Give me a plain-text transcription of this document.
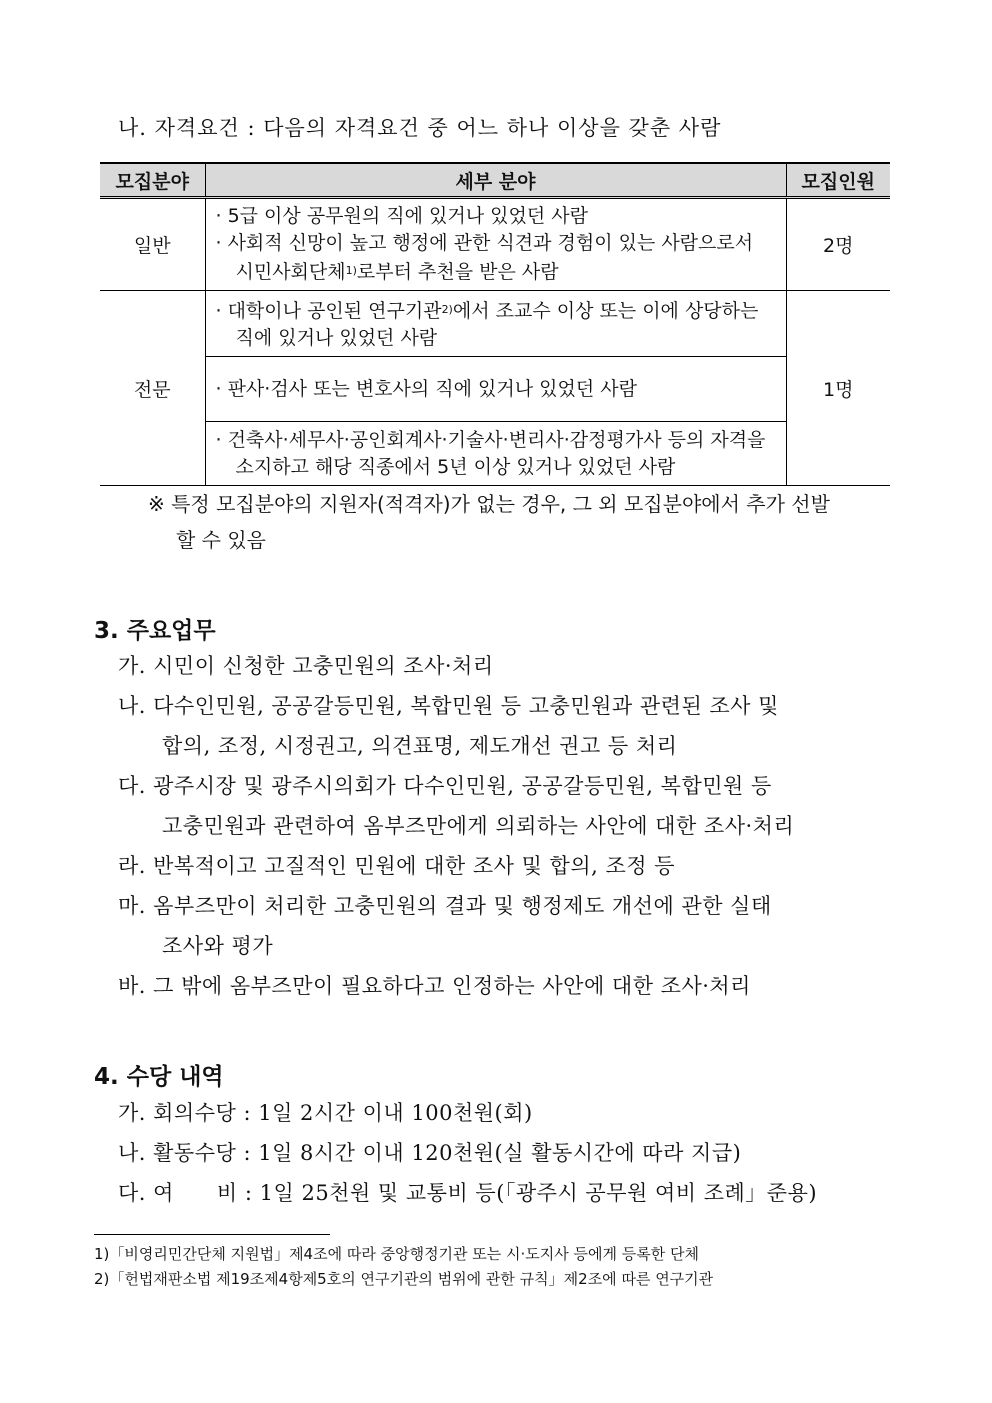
나. 자격요건 : 다음의 자격요건 중 어느 하나 이상을 갖춘 사람
모집분야	세부 분야	모집인원
일반	· 5급 이상 공무원의 직에 있거나 있었던 사람
· 사회적 신망이 높고 행정에 관한 식견과 경험이 있는 사람으로서
시민사회단체$^{1)}$로부터 추천을 받은 사람	2명
전문	· 대학이나 공인된 연구기관$^{2)}$에서 조교수 이상 또는 이에 상당하는
직에 있거나 있었던 사람	1명

	· 판사·검사 또는 변호사의 직에 있거나 있었던 사람	

	· 건축사·세무사·공인회계사·기술사·변리사·감정평가사 등의 자격을
소지하고 해당 직종에서 5년 이상 있거나 있었던 사람	
※ 특정 모집분야의 지원자(적격자)가 없는 경우, 그 외 모집분야에서 추가 선발
할 수 있음
3. 주요업무
가. 시민이 신청한 고충민원의 조사·처리
나. 다수인민원, 공공갈등민원, 복합민원 등 고충민원과 관련된 조사 및
합의, 조정, 시정권고, 의견표명, 제도개선 권고 등 처리
다. 광주시장 및 광주시의회가 다수인민원, 공공갈등민원, 복합민원 등
고충민원과 관련하여 옴부즈만에게 의뢰하는 사안에 대한 조사·처리
라. 반복적이고 고질적인 민원에 대한 조사 및 합의, 조정 등
마. 옴부즈만이 처리한 고충민원의 결과 및 행정제도 개선에 관한 실태
조사와 평가
바. 그 밖에 옴부즈만이 필요하다고 인정하는 사안에 대한 조사·처리
4. 수당 내역
가. 회의수당 : 1일 2시간 이내 100천원(회)
나. 활동수당 : 1일 8시간 이내 120천원(실 활동시간에 따라 지급)
다. 여　　비 : 1일 25천원 및 교통비 등(「광주시 공무원 여비 조례」준용)
1)「비영리민간단체 지원법」제4조에 따라 중앙행정기관 또는 시·도지사 등에게 등록한 단체
2)「헌법재판소법 제19조제4항제5호의 연구기관의 범위에 관한 규칙」제2조에 따른 연구기관
